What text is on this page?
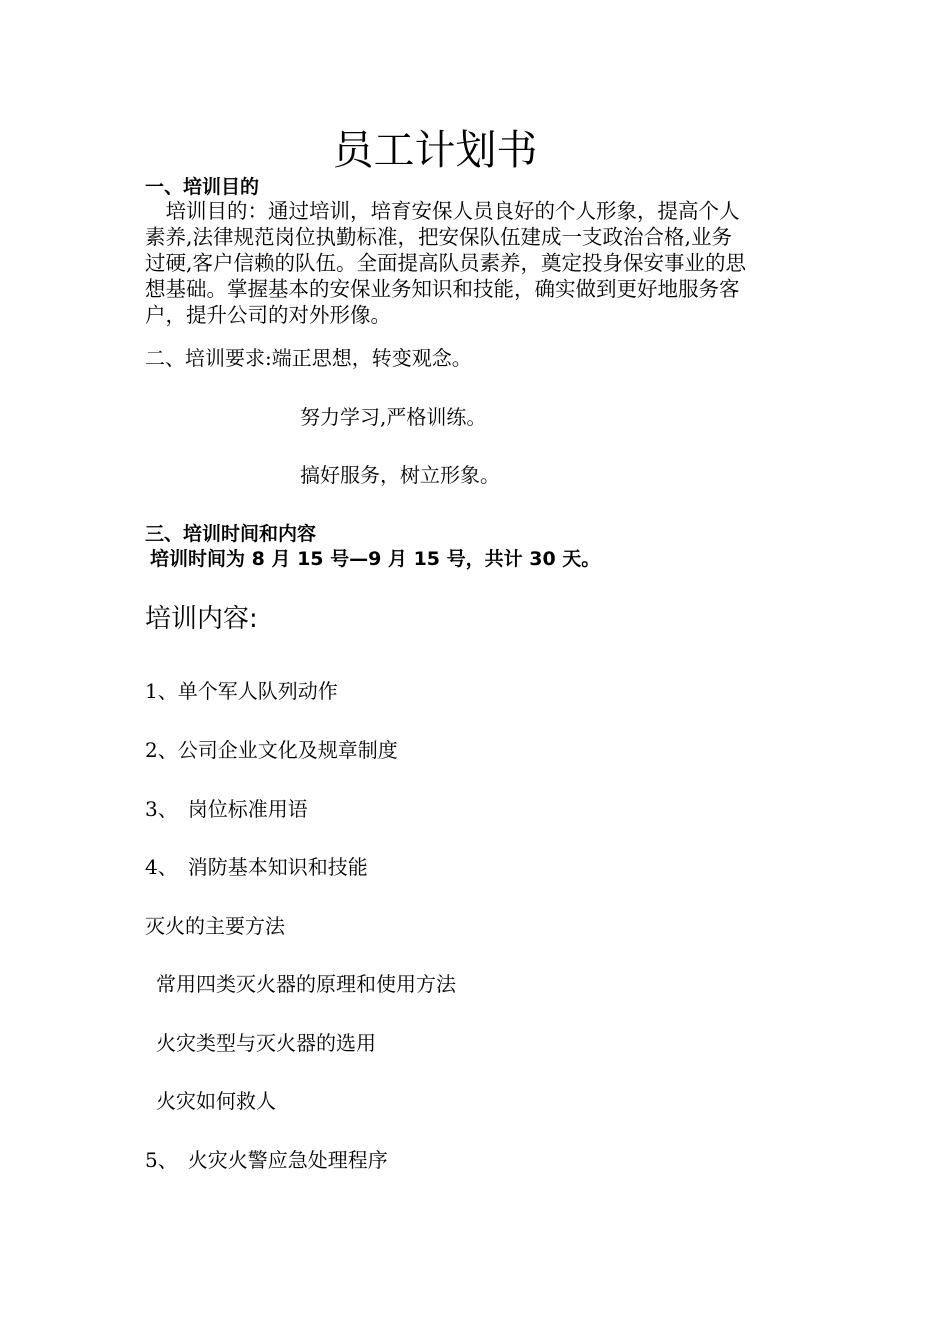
员工计划书
一、培训目的
　培训目的：通过培训，培育安保人员良好的个人形象，提高个人
素养,法律规范岗位执勤标准，把安保队伍建成一支政治合格,业务
过硬,客户信赖的队伍。全面提高队员素养，奠定投身保安事业的思
想基础。掌握基本的安保业务知识和技能，确实做到更好地服务客
户，提升公司的对外形像。
二、培训要求:端正思想，转变观念。
努力学习,严格训练。
搞好服务，树立形象。
三、培训时间和内容
培训时间为 8 月 15 号—9 月 15 号，共计 30 天。
培训内容:
1、单个军人队列动作
2、公司企业文化及规章制度
3、　岗位标准用语
4、　消防基本知识和技能
灭火的主要方法
常用四类灭火器的原理和使用方法
火灾类型与灭火器的选用
火灾如何救人
5、　火灾火警应急处理程序
